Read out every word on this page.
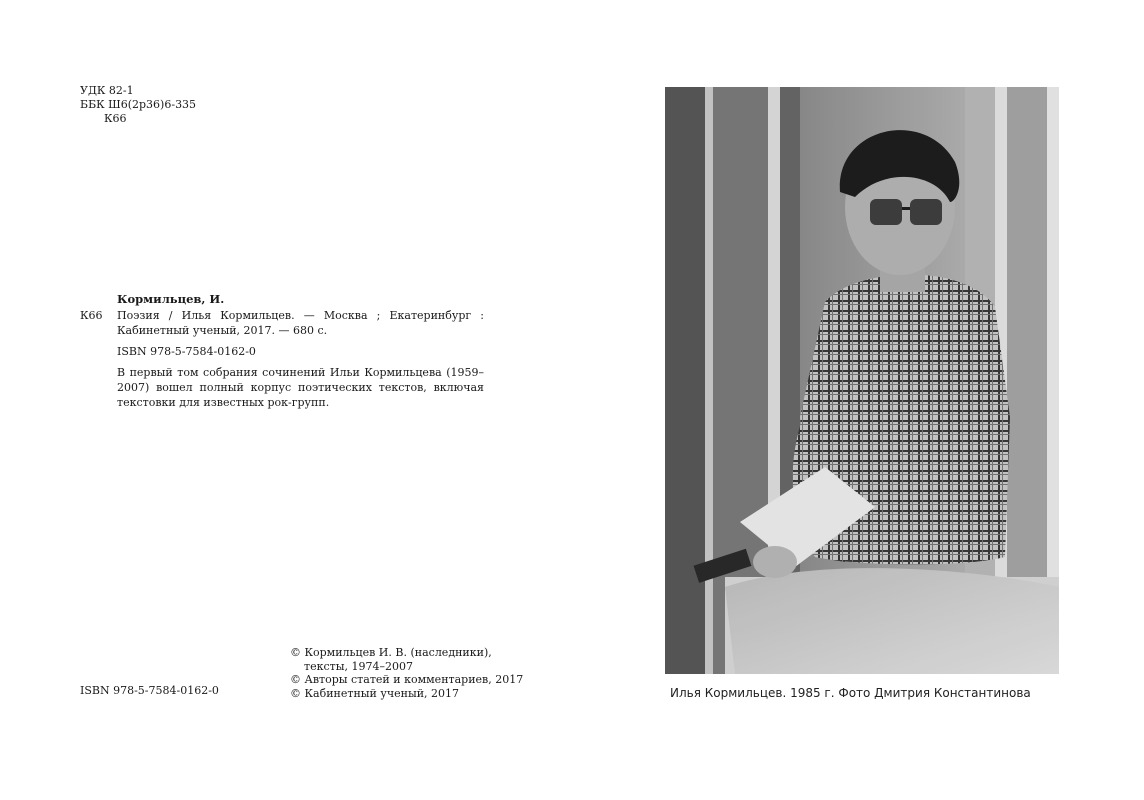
УДК 82-1
ББК Ш6(2р36)6-335
К66
Кормильцев, И.
К66 Поэзия / Илья Кормильцев. — Москва ; Екатеринбург : Кабинетный ученый, 2017. — 680 с.
ISBN 978-5-7584-0162-0
В первый том собрания сочинений Ильи Кормильцева (1959–2007) вошел полный корпус поэтических текстов, включая текстовки для известных рок-групп.
© Кормильцев И. В. (наследники),
тексты, 1974–2007
© Авторы статей и комментариев, 2017
© Кабинетный ученый, 2017
ISBN 978-5-7584-0162-0	Илья Кормильцев. 1985 г. Фото Дмитрия Константинова
